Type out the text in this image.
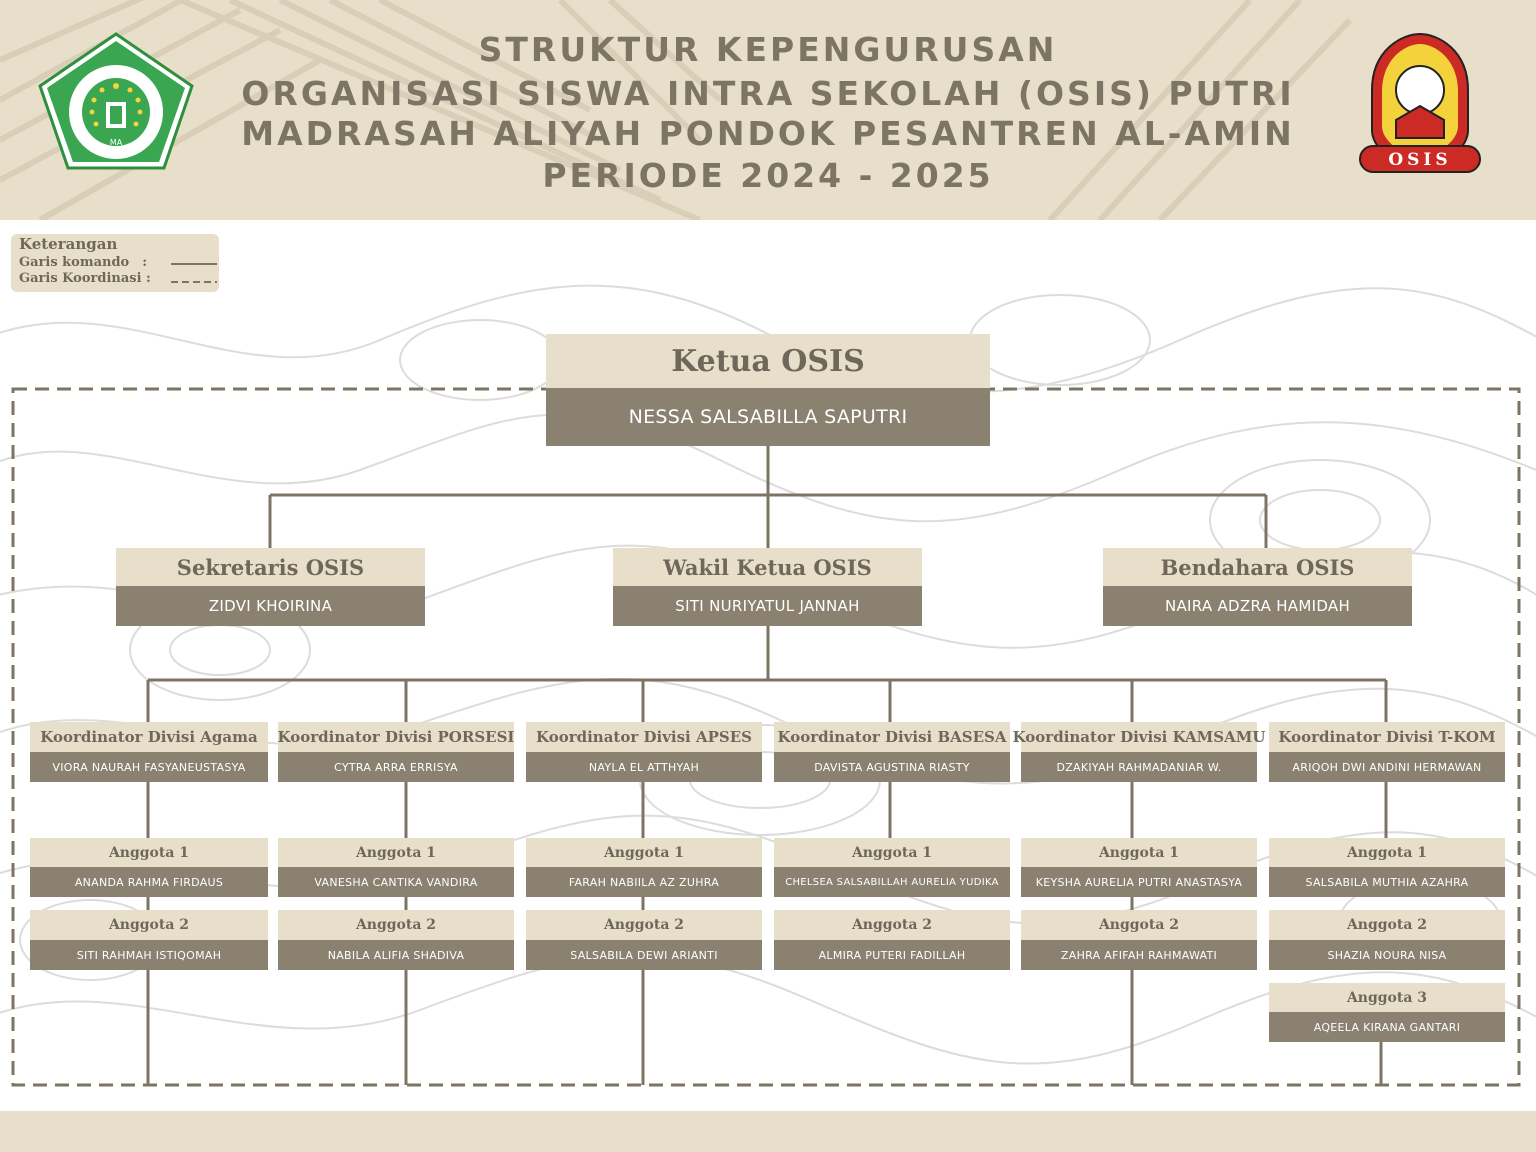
STRUKTUR KEPENGURUSAN
ORGANISASI SISWA INTRA SEKOLAH (OSIS) PUTRI
MADRASAH ALIYAH PONDOK PESANTREN AL-AMIN
PERIODE 2024 - 2025
MA
OSIS
Keterangan
Garis komando :
Garis Koordinasi :
Ketua OSIS
NESSA SALSABILLA SAPUTRI
Sekretaris OSIS
ZIDVI KHOIRINA
Wakil Ketua OSIS
SITI NURIYATUL JANNAH
Bendahara OSIS
NAIRA ADZRA HAMIDAH
Koordinator Divisi Agama
VIORA NAURAH FASYANEUSTASYA
Koordinator Divisi PORSESI
CYTRA ARRA ERRISYA
Koordinator Divisi APSES
NAYLA EL ATTHYAH
Koordinator Divisi BASESA
DAVISTA AGUSTINA RIASTY
Koordinator Divisi KAMSAMU
DZAKIYAH RAHMADANIAR W.
Koordinator Divisi T-KOM
ARIQOH DWI ANDINI HERMAWAN
Anggota 1
ANANDA RAHMA FIRDAUS
Anggota 2
SITI RAHMAH ISTIQOMAH
Anggota 1
VANESHA CANTIKA VANDIRA
Anggota 2
NABILA ALIFIA SHADIVA
Anggota 1
FARAH NABIILA AZ ZUHRA
Anggota 2
SALSABILA DEWI ARIANTI
Anggota 1
CHELSEA SALSABILLAH AURELIA YUDIKA
Anggota 2
ALMIRA PUTERI FADILLAH
Anggota 1
KEYSHA AURELIA PUTRI ANASTASYA
Anggota 2
ZAHRA AFIFAH RAHMAWATI
Anggota 1
SALSABILA MUTHIA AZAHRA
Anggota 2
SHAZIA NOURA NISA
Anggota 3
AQEELA KIRANA GANTARI
